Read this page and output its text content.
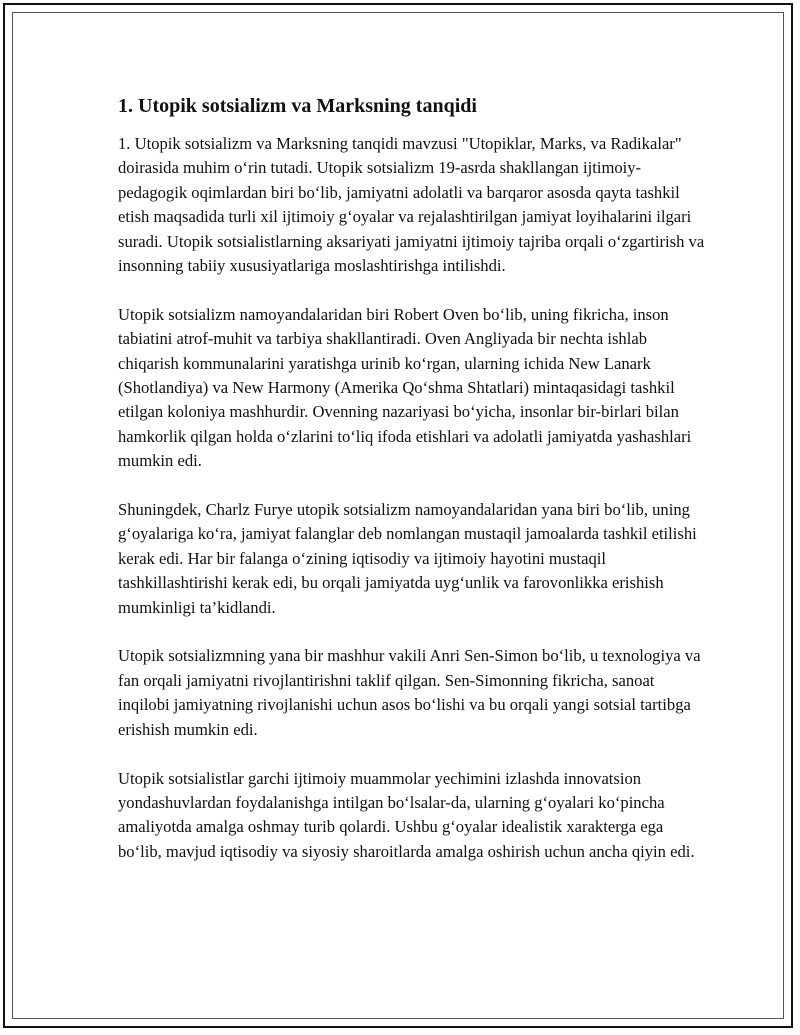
1. Utopik sotsializm va Marksning tanqidi

1. Utopik sotsializm va Marksning tanqidi mavzusi "Utopiklar, Marks, va Radikalar" doirasida muhim o‘rin tutadi. Utopik sotsializm 19-asrda shakllangan ijtimoiy-pedagogik oqimlardan biri bo‘lib, jamiyatni adolatli va barqaror asosda qayta tashkil etish maqsadida turli xil ijtimoiy g‘oyalar va rejalashtirilgan jamiyat loyihalarini ilgari suradi. Utopik sotsialistlarning aksariyati jamiyatni ijtimoiy tajriba orqali o‘zgartirish va insonning tabiiy xususiyatlariga moslashtirishga intilishdi.

Utopik sotsializm namoyandalaridan biri Robert Oven bo‘lib, uning fikricha, inson tabiatini atrof-muhit va tarbiya shakllantiradi. Oven Angliyada bir nechta ishlab chiqarish kommunalarini yaratishga urinib ko‘rgan, ularning ichida New Lanark (Shotlandiya) va New Harmony (Amerika Qo‘shma Shtatlari) mintaqasidagi tashkil etilgan koloniya mashhurdir. Ovenning nazariyasi bo‘yicha, insonlar bir-birlari bilan hamkorlik qilgan holda o‘zlarini to‘liq ifoda etishlari va adolatli jamiyatda yashashlari mumkin edi.

Shuningdek, Charlz Furye utopik sotsializm namoyandalaridan yana biri bo‘lib, uning g‘oyalariga ko‘ra, jamiyat falanglar deb nomlangan mustaqil jamoalarda tashkil etilishi kerak edi. Har bir falanga o‘zining iqtisodiy va ijtimoiy hayotini mustaqil tashkillashtirishi kerak edi, bu orqali jamiyatda uyg‘unlik va farovonlikka erishish mumkinligi ta’kidlandi.

Utopik sotsializmning yana bir mashhur vakili Anri Sen-Simon bo‘lib, u texnologiya va fan orqali jamiyatni rivojlantirishni taklif qilgan. Sen-Simonning fikricha, sanoat inqilobi jamiyatning rivojlanishi uchun asos bo‘lishi va bu orqali yangi sotsial tartibga erishish mumkin edi.

Utopik sotsialistlar garchi ijtimoiy muammolar yechimini izlashda innovatsion yondashuvlardan foydalanishga intilgan bo‘lsalar-da, ularning g‘oyalari ko‘pincha amaliyotda amalga oshmay turib qolardi. Ushbu g‘oyalar idealistik xarakterga ega bo‘lib, mavjud iqtisodiy va siyosiy sharoitlarda amalga oshirish uchun ancha qiyin edi.
